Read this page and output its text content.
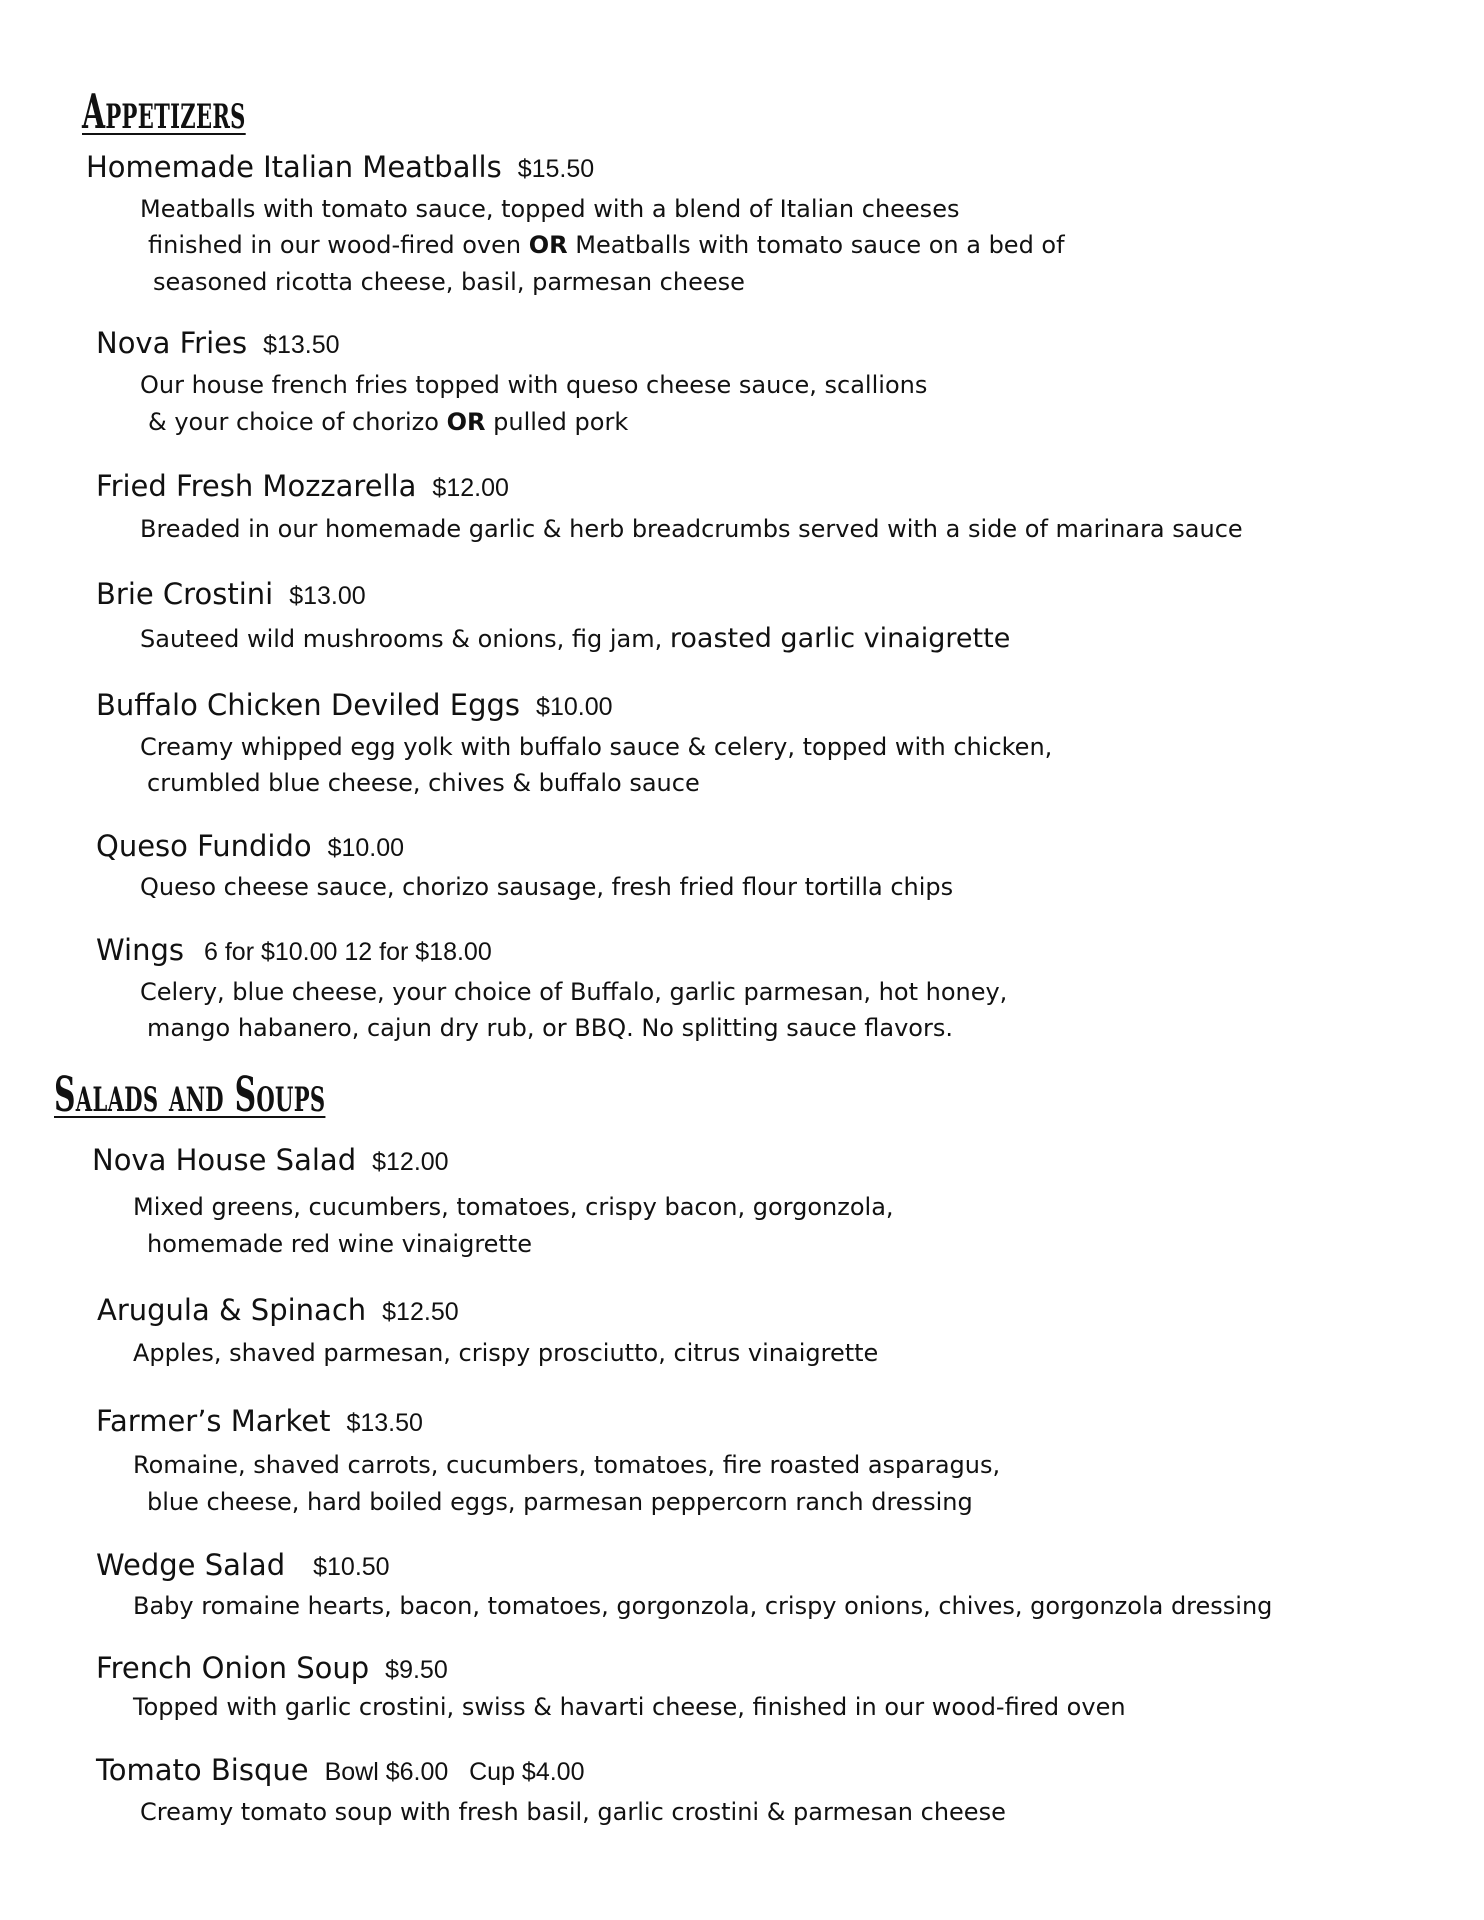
Appetizers
Homemade Italian Meatballs $15.50
Meatballs with tomato sauce, topped with a blend of Italian cheeses
finished in our wood-fired oven OR Meatballs with tomato sauce on a bed of
seasoned ricotta cheese, basil, parmesan cheese
Nova Fries $13.50
Our house french fries topped with queso cheese sauce, scallions
& your choice of chorizo OR pulled pork
Fried Fresh Mozzarella $12.00
Breaded in our homemade garlic & herb breadcrumbs served with a side of marinara sauce
Brie Crostini $13.00
Sauteed wild mushrooms & onions, fig jam, roasted garlic vinaigrette
Buffalo Chicken Deviled Eggs $10.00
Creamy whipped egg yolk with buffalo sauce & celery, topped with chicken,
crumbled blue cheese, chives & buffalo sauce
Queso Fundido $10.00
Queso cheese sauce, chorizo sausage, fresh fried flour tortilla chips
Wings 6 for $10.00 12 for $18.00
Celery, blue cheese, your choice of Buffalo, garlic parmesan, hot honey,
mango habanero, cajun dry rub, or BBQ. No splitting sauce flavors.
Salads and Soups
Nova House Salad $12.00
Mixed greens, cucumbers, tomatoes, crispy bacon, gorgonzola,
homemade red wine vinaigrette
Arugula & Spinach $12.50
Apples, shaved parmesan, crispy prosciutto, citrus vinaigrette
Farmer’s Market $13.50
Romaine, shaved carrots, cucumbers, tomatoes, fire roasted asparagus,
blue cheese, hard boiled eggs, parmesan peppercorn ranch dressing
Wedge Salad $10.50
Baby romaine hearts, bacon, tomatoes, gorgonzola, crispy onions, chives, gorgonzola dressing
French Onion Soup $9.50
Topped with garlic crostini, swiss & havarti cheese, finished in our wood-fired oven
Tomato Bisque Bowl $6.00   Cup $4.00
Creamy tomato soup with fresh basil, garlic crostini & parmesan cheese
